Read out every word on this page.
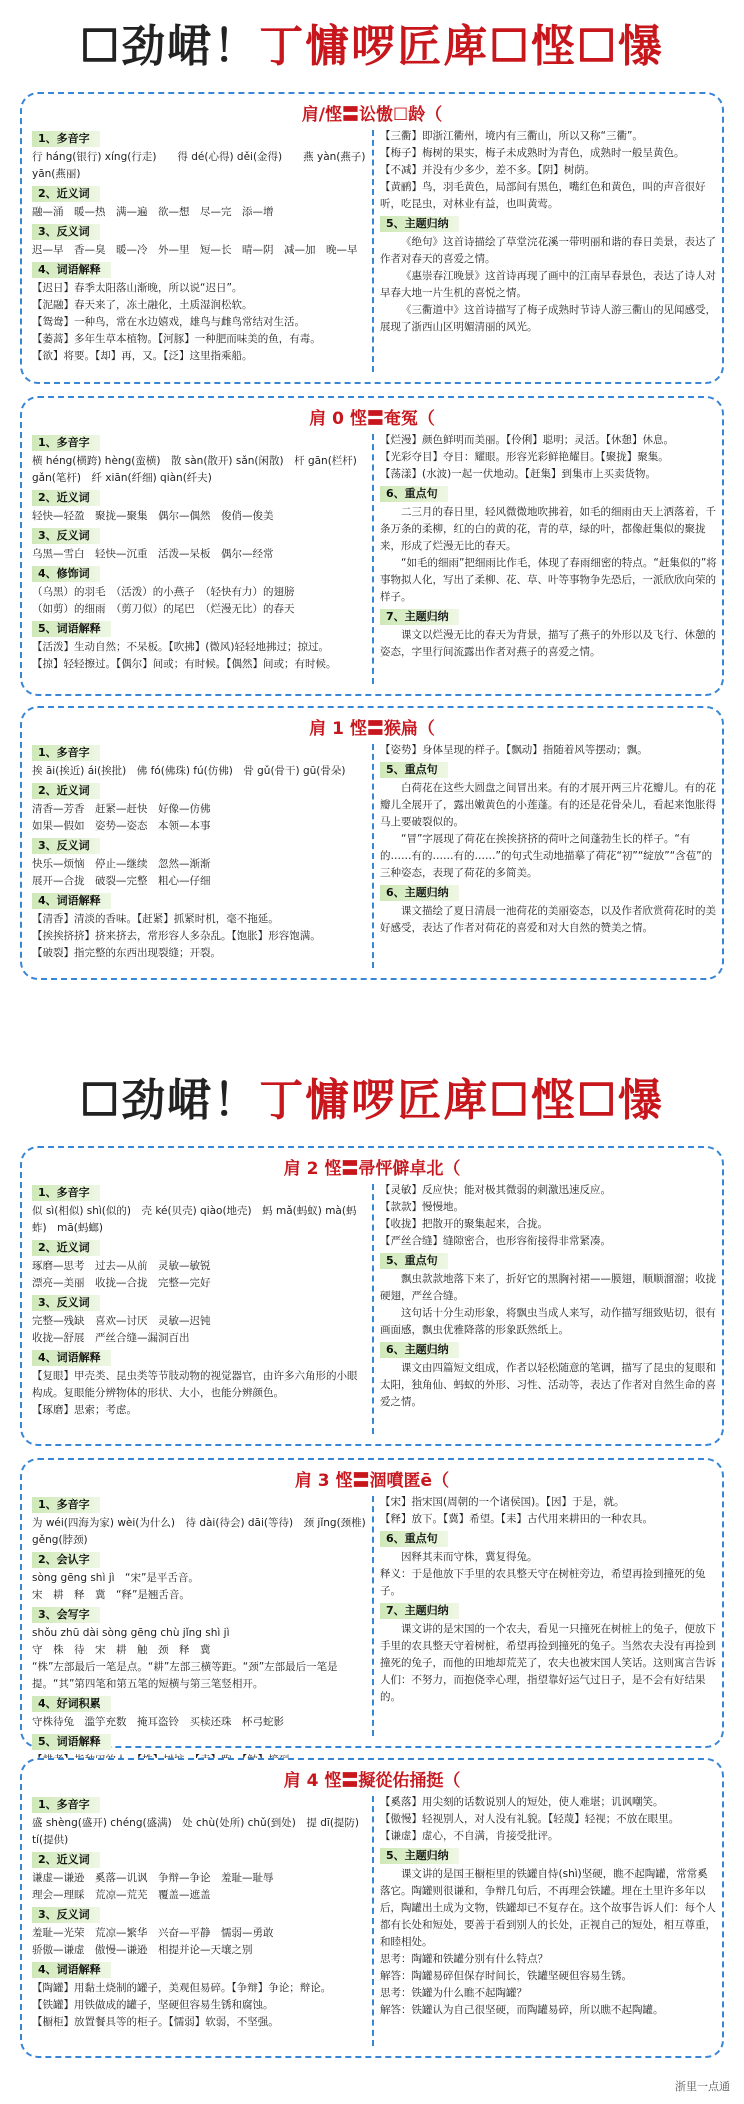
☐劲峮！丁慵啰匠庳☐悭☐懪
肩/悭〓讼慠☐龄（
1、多音字
行 háng(银行) xíng(行走)　　得 dé(心得) děi(金得)　　燕 yàn(燕子) yān(燕丽)
2、近义词
融—涌　暖—热　满—遍　欲—想　尽—完　添—增
3、反义词
迟—早　香—臭　暖—冷　外—里　短—长　晴—阴　减—加　晚—早
4、词语解释
【迟日】春季太阳落山渐晚，所以说“迟日”。
【泥融】春天来了，冻土融化，土质湿润松软。
【鸳鸯】一种鸟，常在水边嬉戏，雄鸟与雌鸟常结对生活。
【萎蒿】多年生草本植物。【河豚】一种肥而味美的鱼，有毒。
【欲】将要。【却】再，又。【泛】这里指乘船。
【三衢】即浙江衢州，境内有三衢山，所以又称“三衢”。
【梅子】梅树的果实，梅子未成熟时为青色，成熟时一般呈黄色。
【不减】并没有少多少，差不多。【阴】树荫。
【黄鹂】鸟，羽毛黄色，局部间有黑色，嘴红色和黄色，叫的声音很好听，吃昆虫，对林业有益，也叫黄莺。
5、主题归纳
《绝句》这首诗描绘了草堂浣花溪一带明丽和谐的春日美景，表达了作者对春天的喜爱之情。
《惠崇春江晚景》这首诗再现了画中的江南早春景色，表达了诗人对早春大地一片生机的喜悦之情。
《三衢道中》这首诗描写了梅子成熟时节诗人游三衢山的见闻感受，展现了浙西山区明媚清丽的风光。
肩 0 悭〓奄冤（
1、多音字
横 héng(横跨) hèng(蛮横)　散 sàn(散开) sǎn(闲散)　杆 gān(栏杆) gǎn(笔杆)　纤 xiān(纤细) qiàn(纤夫)
2、近义词
轻快—轻盈　聚拢—聚集　偶尔—偶然　俊俏—俊美
3、反义词
乌黑—雪白　轻快—沉重　活泼—呆板　偶尔—经常
4、修饰词
（乌黑）的羽毛　（活泼）的小燕子　（轻快有力）的翅膀
（如剪）的细雨　（剪刀似）的尾巴　（烂漫无比）的春天
5、词语解释
【活泼】生动自然；不呆板。【吹拂】(微风)轻轻地拂过；掠过。
【掠】轻轻擦过。【偶尔】间或；有时候。【偶然】间或；有时候。
【烂漫】颜色鲜明而美丽。【伶俐】聪明；灵活。【休憩】休息。
【光彩夺目】夺目：耀眼。形容光彩鲜艳耀目。【聚拢】聚集。
【荡漾】(水波)一起一伏地动。【赶集】到集市上买卖货物。
6、重点句
二三月的春日里，轻风微微地吹拂着，如毛的细雨由天上洒落着，千条万条的柔柳，红的白的黄的花，青的草，绿的叶，都像赶集似的聚拢来，形成了烂漫无比的春天。
“如毛的细雨”把细雨比作毛，体现了春雨细密的特点。“赶集似的”将事物拟人化，写出了柔柳、花、草、叶等事物争先恐后，一派欣欣向荣的样子。
7、主题归纳
课文以烂漫无比的春天为背景，描写了燕子的外形以及飞行、休憩的姿态，字里行间流露出作者对燕子的喜爱之情。
肩 1 悭〓猴扁（
1、多音字
挨 āi(挨近) ái(挨批)　佛 fó(佛珠) fú(仿佛)　骨 gǔ(骨干) gū(骨朵)
2、近义词
清香—芳香　赶紧—赶快　好像—仿佛
如果—假如　姿势—姿态　本领—本事
3、反义词
快乐—烦恼　停止—继续　忽然—渐渐
展开—合拢　破裂—完整　粗心—仔细
4、词语解释
【清香】清淡的香味。【赶紧】抓紧时机，毫不拖延。
【挨挨挤挤】挤来挤去，常形容人多杂乱。【饱胀】形容饱满。
【破裂】指完整的东西出现裂缝；开裂。
【姿势】身体呈现的样子。【飘动】指随着风等摆动；飘。
5、重点句
白荷花在这些大圆盘之间冒出来。有的才展开两三片花瓣儿。有的花瓣儿全展开了，露出嫩黄色的小莲蓬。有的还是花骨朵儿，看起来饱胀得马上要破裂似的。
“冒”字展现了荷花在挨挨挤挤的荷叶之间蓬勃生长的样子。“有的……有的……有的……”的句式生动地描摹了荷花“初”“绽放”“含苞”的三种姿态，表现了荷花的多简美。
6、主题归纳
课文描绘了夏日清晨一池荷花的美丽姿态，以及作者欣赏荷花时的美好感受，表达了作者对荷花的喜爱和对大自然的赞美之情。
☐劲峮！丁慵啰匠庳☐悭☐懪
肩 2 悭〓帚怦僻卓北（
1、多音字
似 sì(相似) shì(似的)　壳 ké(贝壳) qiào(地壳)　蚂 mǎ(蚂蚁) mà(蚂蚱)　mā(蚂螂)
2、近义词
琢磨—思考　过去—从前　灵敏—敏锐
漂亮—美丽　收拢—合拢　完整—完好
3、反义词
完整—残缺　喜欢—讨厌　灵敏—迟钝
收拢—舒展　严丝合缝—漏洞百出
4、词语解释
【复眼】甲壳类、昆虫类等节肢动物的视觉器官，由许多六角形的小眼构成。复眼能分辨物体的形状、大小，也能分辨颜色。
【琢磨】思索；考虑。
【灵敏】反应快；能对极其微弱的刺激迅速反应。
【款款】慢慢地。
【收拢】把散开的聚集起来，合拢。
【严丝合缝】缝隙密合，也形容衔接得非常紧凑。
5、重点句
飘虫款款地落下来了，折好它的黑胸衬裙——膜翅，顺顺溜溜；收拢硬翅，严丝合缝。
这句话十分生动形象，将飘虫当成人来写，动作描写细致贴切，很有画面感，飘虫优雅降落的形象跃然纸上。
6、主题归纳
课文由四篇短文组成，作者以轻松随意的笔调，描写了昆虫的复眼和太阳，独角仙、蚂蚁的外形、习性、活动等，表达了作者对自然生命的喜爱之情。
肩 3 悭〓涸噴匿ē（
1、多音字
为 wéi(四海为家) wèi(为什么)　待 dài(待会) dāi(等待)　颈 jǐng(颈椎) gěng(脖颈)
2、会认字
sòng gēng shì jì　“宋”是平舌音。
宋　耕　释　冀　“释”是翘舌音。
3、会写字
shǒu zhū dài sòng gēng chù jǐng shì jì
守　株　待　宋　耕　触　颈　释　冀
“株”左部最后一笔是点。“耕”左部三横等距。“颈”左部最后一笔是提。“其”第四笔和第五笔的短横与第三笔竖相开。
4、好词积累
守株待兔　滥竽充数　掩耳盗铃　买椟还珠　杯弓蛇影
5、词语解释
【宋】指宋国(周朝的一个诸侯国)。【因】于是，就。
【释】放下。【冀】希望。【耒】古代用来耕田的一种农具。
6、重点句
因释其耒而守株，冀复得兔。
释义：于是他放下手里的农具整天守在树桩旁边，希望再捡到撞死的兔子。
7、主题归纳
课文讲的是宋国的一个农夫，看见一只撞死在树桩上的兔子，便放下手里的农具整天守着树桩，希望再捡到撞死的兔子。当然农夫没有再捡到撞死的兔子，而他的田地却荒芜了，农夫也被宋国人笑话。这则寓言告诉人们：不努力，而抱侥幸心理，指望靠好运气过日子，是不会有好结果的。
肩 4 悭〓擬從佑捅挺（
1、多音字
盛 shèng(盛开) chéng(盛满)　处 chù(处所) chǔ(到处)　提 dī(提防) tí(提供)
2、近义词
谦虚—谦逊　奚落—讥讽　争辩—争论　羞耻—耻辱
理会—理睬　荒凉—荒芜　覆盖—遮盖
3、反义词
羞耻—光荣　荒凉—繁华　兴奋—平静　懦弱—勇敢
骄傲—谦虚　傲慢—谦逊　相提并论—天壤之别
4、词语解释
【陶罐】用黏土烧制的罐子，美观但易碎。【争辩】争论；辩论。
【铁罐】用铁做成的罐子，坚硬但容易生锈和腐蚀。
【橱柜】放置餐具等的柜子。【懦弱】软弱，不坚强。
【奚落】用尖刻的话数说别人的短处，使人难堪；讥讽嘲笑。
【傲慢】轻视别人，对人没有礼貌。【轻蔑】轻视；不放在眼里。
【谦虚】虚心，不自满，肯接受批评。
5、主题归纳
课文讲的是国王橱柜里的铁罐自恃(shì)坚硬，瞧不起陶罐，常常奚落它。陶罐则很谦和，争辩几句后，不再理会铁罐。埋在土里许多年以后，陶罐出土成为文物，铁罐却已不复存在。这个故事告诉人们：每个人都有长处和短处，要善于看到别人的长处，正视自己的短处，相互尊重，和睦相处。
思考：陶罐和铁罐分别有什么特点？
解答：陶罐易碎但保存时间长，铁罐坚硬但容易生锈。
思考：铁罐为什么瞧不起陶罐？
解答：铁罐认为自己很坚硬，而陶罐易碎，所以瞧不起陶罐。
浙里一点通
